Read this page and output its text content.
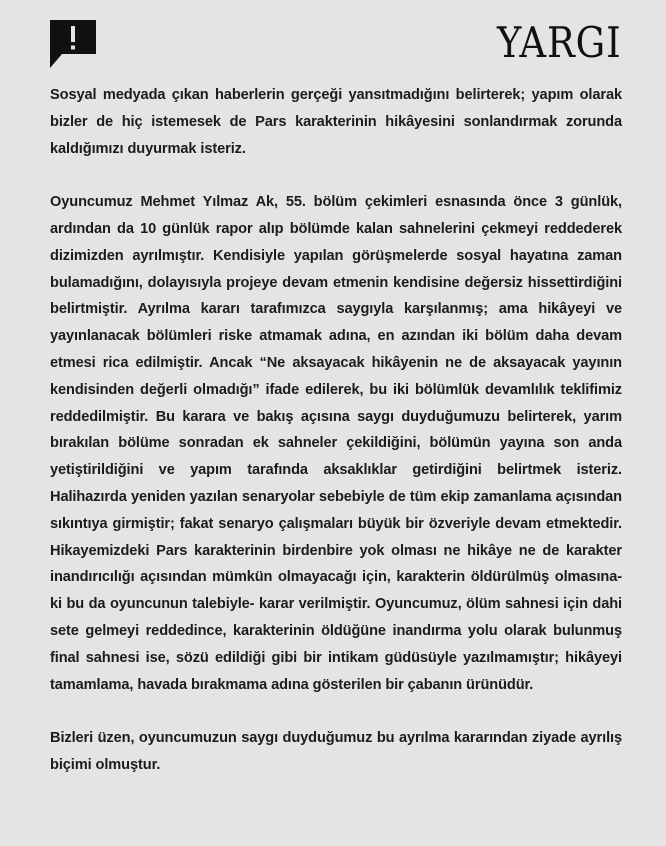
YARGI

Sosyal medyada çıkan haberlerin gerçeği yansıtmadığını belirterek; yapım olarak bizler de hiç istemesek de Pars karakterinin hikâyesini sonlandırmak zorunda kaldığımızı duyurmak isteriz.

Oyuncumuz Mehmet Yılmaz Ak, 55. bölüm çekimleri esnasında önce 3 günlük, ardından da 10 günlük rapor alıp bölümde kalan sahnelerini çekmeyi reddederek dizimizden ayrılmıştır. Kendisiyle yapılan görüşmelerde sosyal hayatına zaman bulamadığını, dolayısıyla projeye devam etmenin kendisine değersiz hissettirdiğini belirtmiştir. Ayrılma kararı tarafımızca saygıyla karşılanmış; ama hikâyeyi ve yayınlanacak bölümleri riske atmamak adına, en azından iki bölüm daha devam etmesi rica edilmiştir. Ancak “Ne aksayacak hikâyenin ne de aksayacak yayının kendisinden değerli olmadığı” ifade edilerek, bu iki bölümlük devamlılık teklifimiz reddedilmiştir. Bu karara ve bakış açısına saygı duyduğumuzu belirterek, yarım bırakılan bölüme sonradan ek sahneler çekildiğini, bölümün yayına son anda yetiştirildiğini ve yapım tarafında aksaklıklar getirdiğini belirtmek isteriz. Halihazırda yeniden yazılan senaryolar sebebiyle de tüm ekip zamanlama açısından sıkıntıya girmiştir; fakat senaryo çalışmaları büyük bir özveriyle devam etmektedir. Hikayemizdeki Pars karakterinin birdenbire yok olması ne hikâye ne de karakter inandırıcılığı açısından mümkün olmayacağı için, karakterin öldürülmüş olmasına-ki bu da oyuncunun talebiyle- karar verilmiştir. Oyuncumuz, ölüm sahnesi için dahi sete gelmeyi reddedince, karakterinin öldüğüne inandırma yolu olarak bulunmuş final sahnesi ise, sözü edildiği gibi bir intikam güdüsüyle yazılmamıştır; hikâyeyi tamamlama, havada bırakmama adına gösterilen bir çabanın ürünüdür.

Bizleri üzen, oyuncumuzun saygı duyduğumuz bu ayrılma kararından ziyade ayrılış biçimi olmuştur.
